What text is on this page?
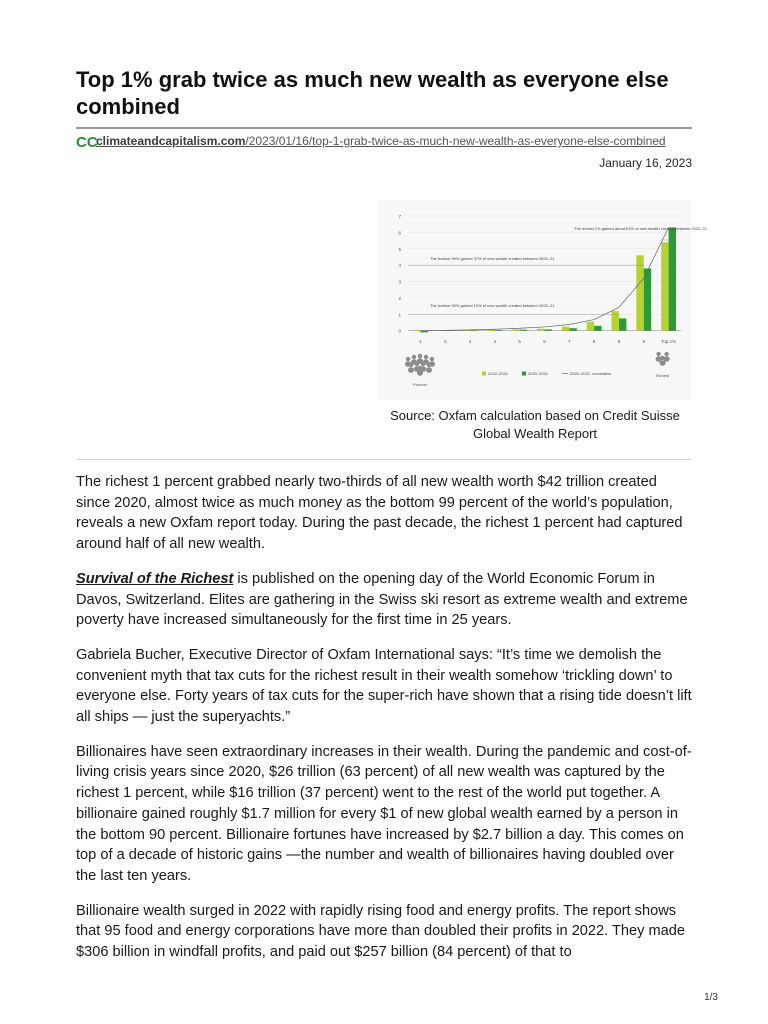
Top 1% grab twice as much new wealth as everyone else combined
CC
climateandcapitalism.com/2023/01/16/top-1-grab-twice-as-much-new-wealth-as-everyone-else-combined
January 16, 2023
0
1
2
3
4
5
6
7
1	2	3	4	5	6	7	8	9	9	Top 1%
The richest 1% gained about 63% of new wealth created between 2020–21
The bottom 99% gained 37% of new wealth created between 2020–21
The bottom 90% gained 10% of new wealth created between 2020–21
Poorest
Richest
2012–2021	2020–2021	2020–2021: cumulative
Source: Oxfam calculation based on Credit Suisse Global Wealth Report

The richest 1 percent grabbed nearly two-thirds of all new wealth worth $42 trillion created since 2020, almost twice as much money as the bottom 99 percent of the world’s population, reveals a new Oxfam report today. During the past decade, the richest 1 percent had captured around half of all new wealth.

Survival of the Richest is published on the opening day of the World Economic Forum in Davos, Switzerland. Elites are gathering in the Swiss ski resort as extreme wealth and extreme poverty have increased simultaneously for the first time in 25 years.

Gabriela Bucher, Executive Director of Oxfam International says: “It’s time we demolish the convenient myth that tax cuts for the richest result in their wealth somehow ‘trickling down’ to everyone else. Forty years of tax cuts for the super-rich have shown that a rising tide doesn’t lift all ships — just the superyachts.”

Billionaires have seen extraordinary increases in their wealth. During the pandemic and cost-of-living crisis years since 2020, $26 trillion (63 percent) of all new wealth was captured by the richest 1 percent, while $16 trillion (37 percent) went to the rest of the world put together. A billionaire gained roughly $1.7 million for every $1 of new global wealth earned by a person in the bottom 90 percent. Billionaire fortunes have increased by $2.7 billion a day. This comes on top of a decade of historic gains —the number and wealth of billionaires having doubled over the last ten years.

Billionaire wealth surged in 2022 with rapidly rising food and energy profits. The report shows that 95 food and energy corporations have more than doubled their profits in 2022. They made $306 billion in windfall profits, and paid out $257 billion (84 percent) of that to

1/3
